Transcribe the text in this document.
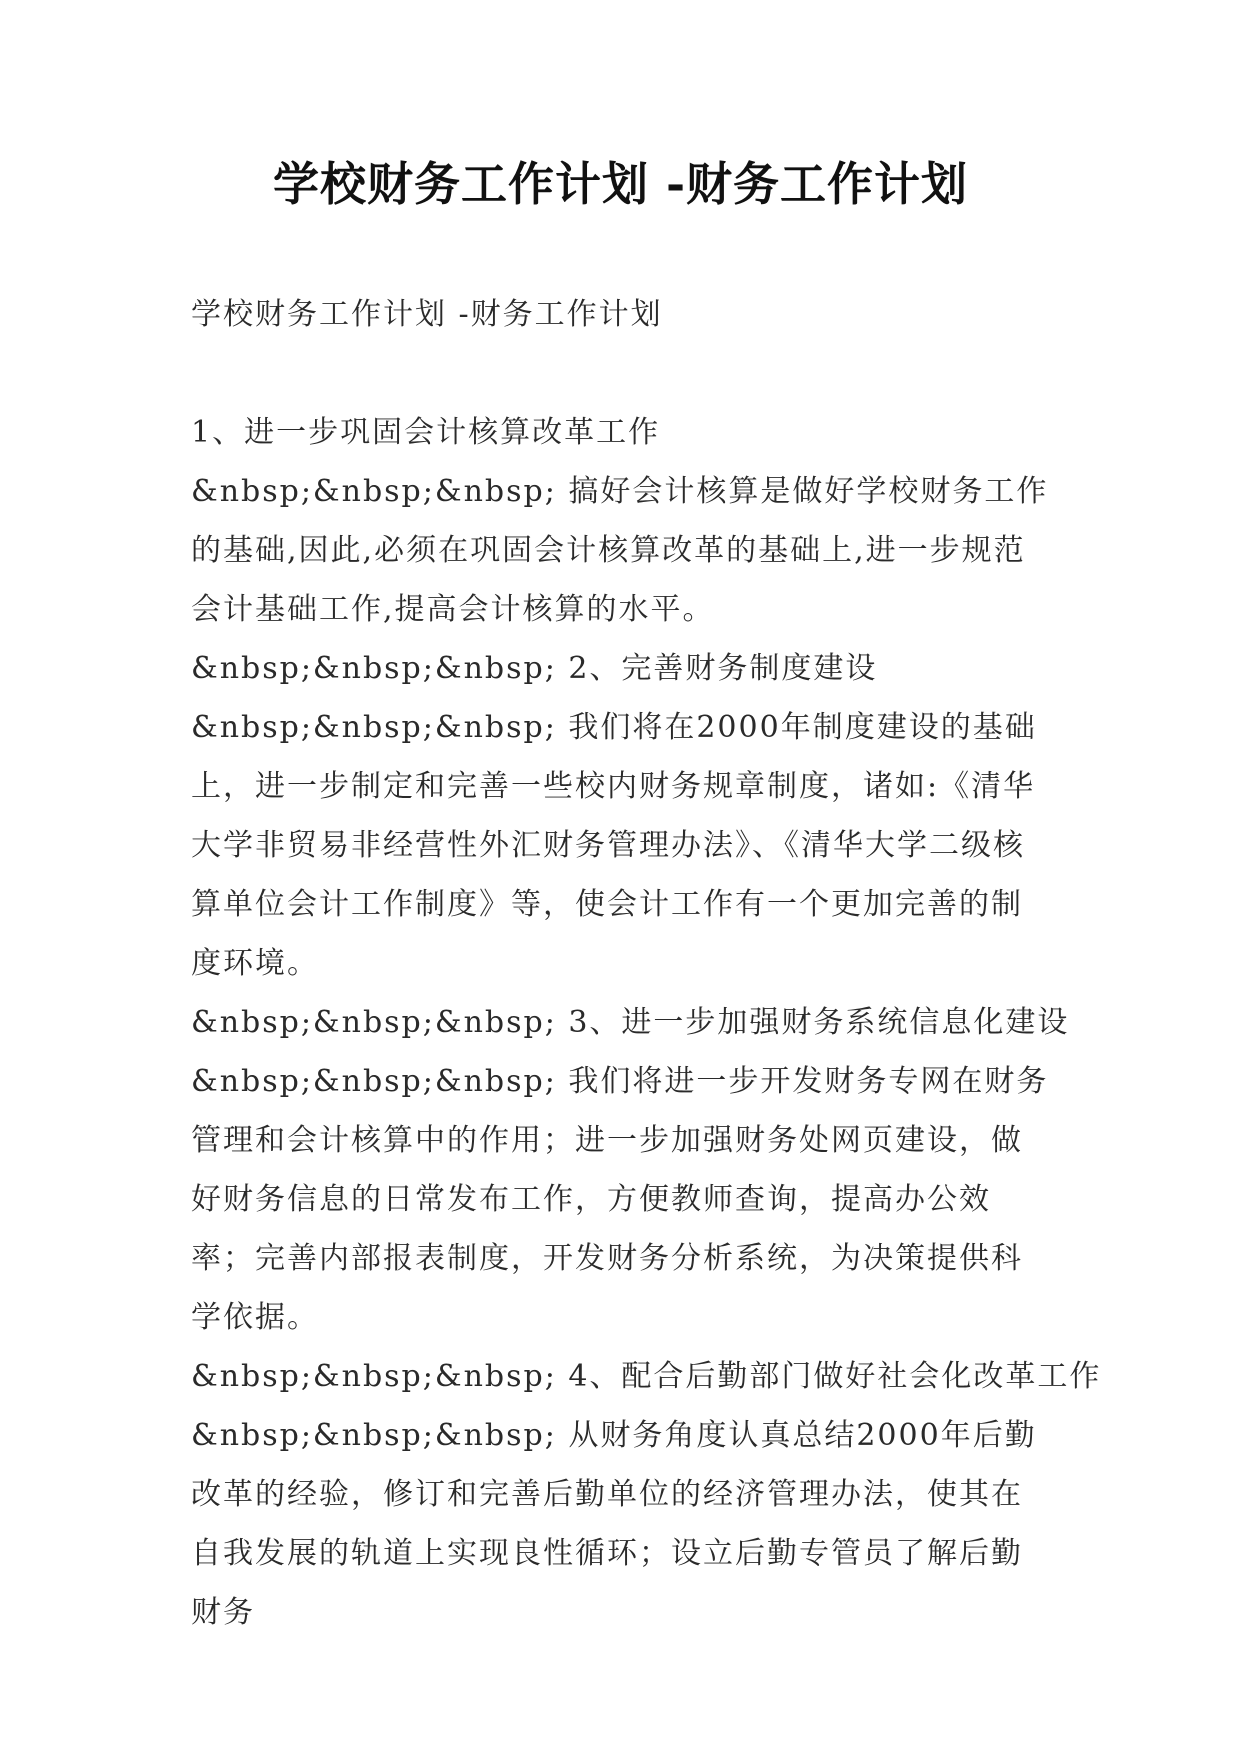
学校财务工作计划 -财务工作计划

学校财务工作计划 -财务工作计划

1、进一步巩固会计核算改革工作

&nbsp;&nbsp;&nbsp; 搞好会计核算是做好学校财务工作的基础,因此,必须在巩固会计核算改革的基础上,进一步规范会计基础工作,提高会计核算的水平。

&nbsp;&nbsp;&nbsp; 2、完善财务制度建设

&nbsp;&nbsp;&nbsp; 我们将在2000年制度建设的基础上，进一步制定和完善一些校内财务规章制度，诸如:《清华大学非贸易非经营性外汇财务管理办法》、《清华大学二级核算单位会计工作制度》等，使会计工作有一个更加完善的制度环境。

&nbsp;&nbsp;&nbsp; 3、进一步加强财务系统信息化建设

&nbsp;&nbsp;&nbsp; 我们将进一步开发财务专网在财务管理和会计核算中的作用；进一步加强财务处网页建设，做好财务信息的日常发布工作，方便教师查询，提高办公效率；完善内部报表制度，开发财务分析系统，为决策提供科学依据。

&nbsp;&nbsp;&nbsp; 4、配合后勤部门做好社会化改革工作

&nbsp;&nbsp;&nbsp; 从财务角度认真总结2000年后勤改革的经验，修订和完善后勤单位的经济管理办法，使其在自我发展的轨道上实现良性循环；设立后勤专管员了解后勤财务
